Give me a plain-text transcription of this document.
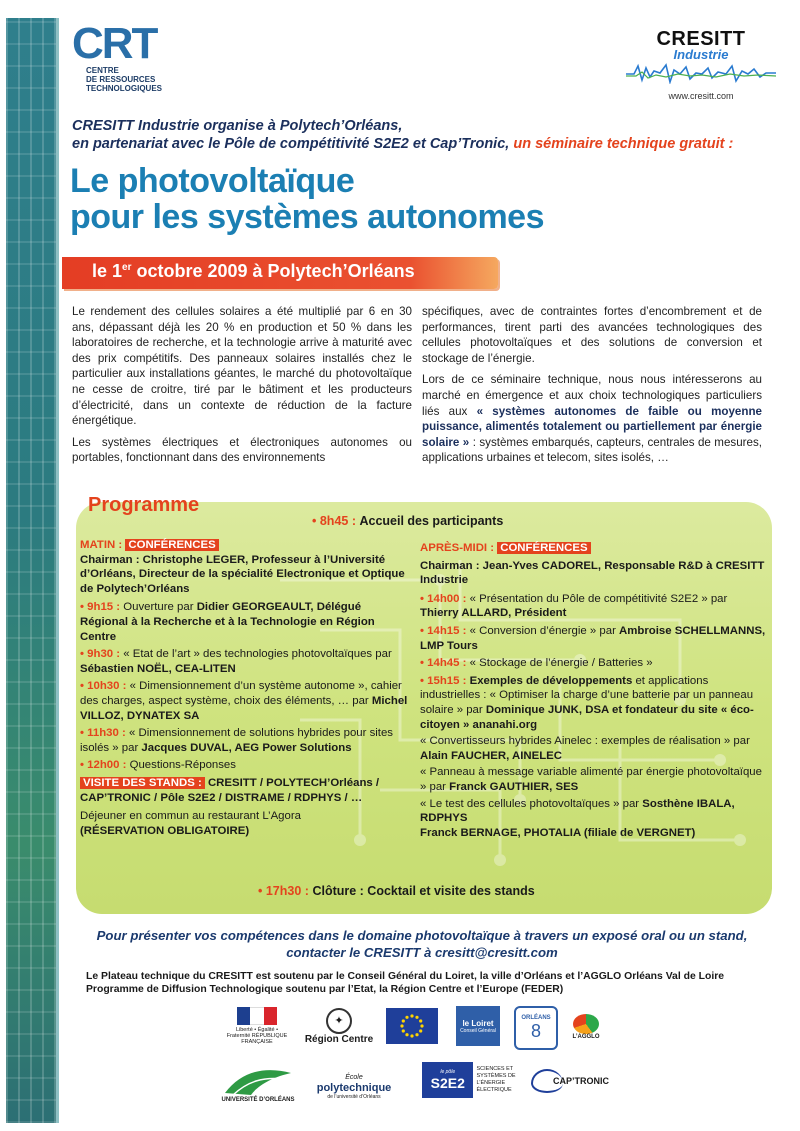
CRT
CENTRE
DE RESSOURCES
TECHNOLOGIQUES
CRESITT
Industrie
www.cresitt.com
CRESITT Industrie organise à Polytech’Orléans,
en partenariat avec le Pôle de compétitivité S2E2 et Cap’Tronic, un séminaire technique gratuit :
Le photovoltaïque
pour les systèmes autonomes
le 1er octobre 2009 à Polytech’Orléans

Le rendement des cellules solaires a été multiplié par 6 en 30 ans, dépassant déjà les 20 % en production et 50 % dans les laboratoires de recherche, et la technologie arrive à maturité avec des prix compétitifs. Des panneaux solaires installés chez le particulier aux installations géantes, le marché du photovoltaïque ne cesse de croitre, tiré par le bâtiment et les producteurs d’électricité, dans un contexte de réduction de la facture énergétique.

Les systèmes électriques et électroniques autonomes ou portables, fonctionnant dans des environnements

spécifiques, avec de contraintes fortes d’encombrement et de performances, tirent parti des avancées technologiques des cellules photovoltaïques et des solutions de conversion et stockage de l’énergie.

Lors de ce séminaire technique, nous nous intéresserons au marché en émergence et aux choix technologiques particuliers liés aux « systèmes autonomes de faible ou moyenne puissance, alimentés totalement ou partiellement par énergie solaire » : systèmes embarqués, capteurs, centrales de mesures, applications urbaines et telecom, sites isolés, …

Programme
• 8h45 : Accueil des participants
MATIN : CONFÉRENCES
Chairman : Christophe LEGER, Professeur à l’Université d’Orléans, Directeur de la spécialité Electronique et Optique de Polytech’Orléans
• 9h15 : Ouverture par Didier GEORGEAULT, Délégué Régional à la Recherche et à la Technologie en Région Centre
• 9h30 : « Etat de l’art » des technologies photovoltaïques par Sébastien NOËL, CEA-LITEN
• 10h30 : « Dimensionnement d’un système autonome », cahier des charges, aspect système, choix des éléments, … par Michel VILLOZ, DYNATEX SA
• 11h30 : « Dimensionnement de solutions hybrides pour sites isolés » par Jacques DUVAL, AEG Power Solutions
• 12h00 : Questions-Réponses
VISITE DES STANDS : CRESITT / POLYTECH’Orléans / CAP’TRONIC / Pôle S2E2 / DISTRAME / RDPHYS / …
Déjeuner en commun au restaurant L’Agora
(RÉSERVATION OBLIGATOIRE)
APRÈS-MIDI : CONFÉRENCES
Chairman : Jean-Yves CADOREL, Responsable R&D à CRESITT Industrie
• 14h00 : « Présentation du Pôle de compétitivité S2E2 » par Thierry ALLARD, Président
• 14h15 : « Conversion d’énergie » par Ambroise SCHELLMANNS, LMP Tours
• 14h45 : « Stockage de l’énergie / Batteries »
• 15h15 : Exemples de développements et applications industrielles : « Optimiser la charge d’une batterie par un panneau solaire » par Dominique JUNK, DSA et fondateur du site « éco-citoyen » ananahi.org
« Convertisseurs hybrides Ainelec : exemples de réalisation » par Alain FAUCHER, AINELEC
« Panneau à message variable alimenté par énergie photovoltaïque » par Franck GAUTHIER, SES
« Le test des cellules photovoltaïques » par Sosthène IBALA, RDPHYS
Franck BERNAGE, PHOTALIA (filiale de VERGNET)
• 17h30 : Clôture : Cocktail et visite des stands
Pour présenter vos compétences dans le domaine photovoltaïque à travers un exposé oral ou un stand,
contacter le CRESITT à cresitt@cresitt.com
Le Plateau technique du CRESITT est soutenu par le Conseil Général du Loiret, la ville d’Orléans et l’AGGLO Orléans Val de Loire
Programme de Diffusion Technologique soutenu par l’Etat, la Région Centre et l’Europe (FEDER)
Liberté • Égalité • Fraternité RÉPUBLIQUE FRANÇAISE
✦
Région Centre
le Loiret
Conseil Général
ORLÉANS
8	L’AGGLO
UNIVERSITÉ D’ORLÉANS
École polytechnique
de l’université d’Orléans
le pôle
S2E2
SCIENCES ET SYSTÈMES DE L’ÉNERGIE ÉLECTRIQUE
CAP’TRONIC
